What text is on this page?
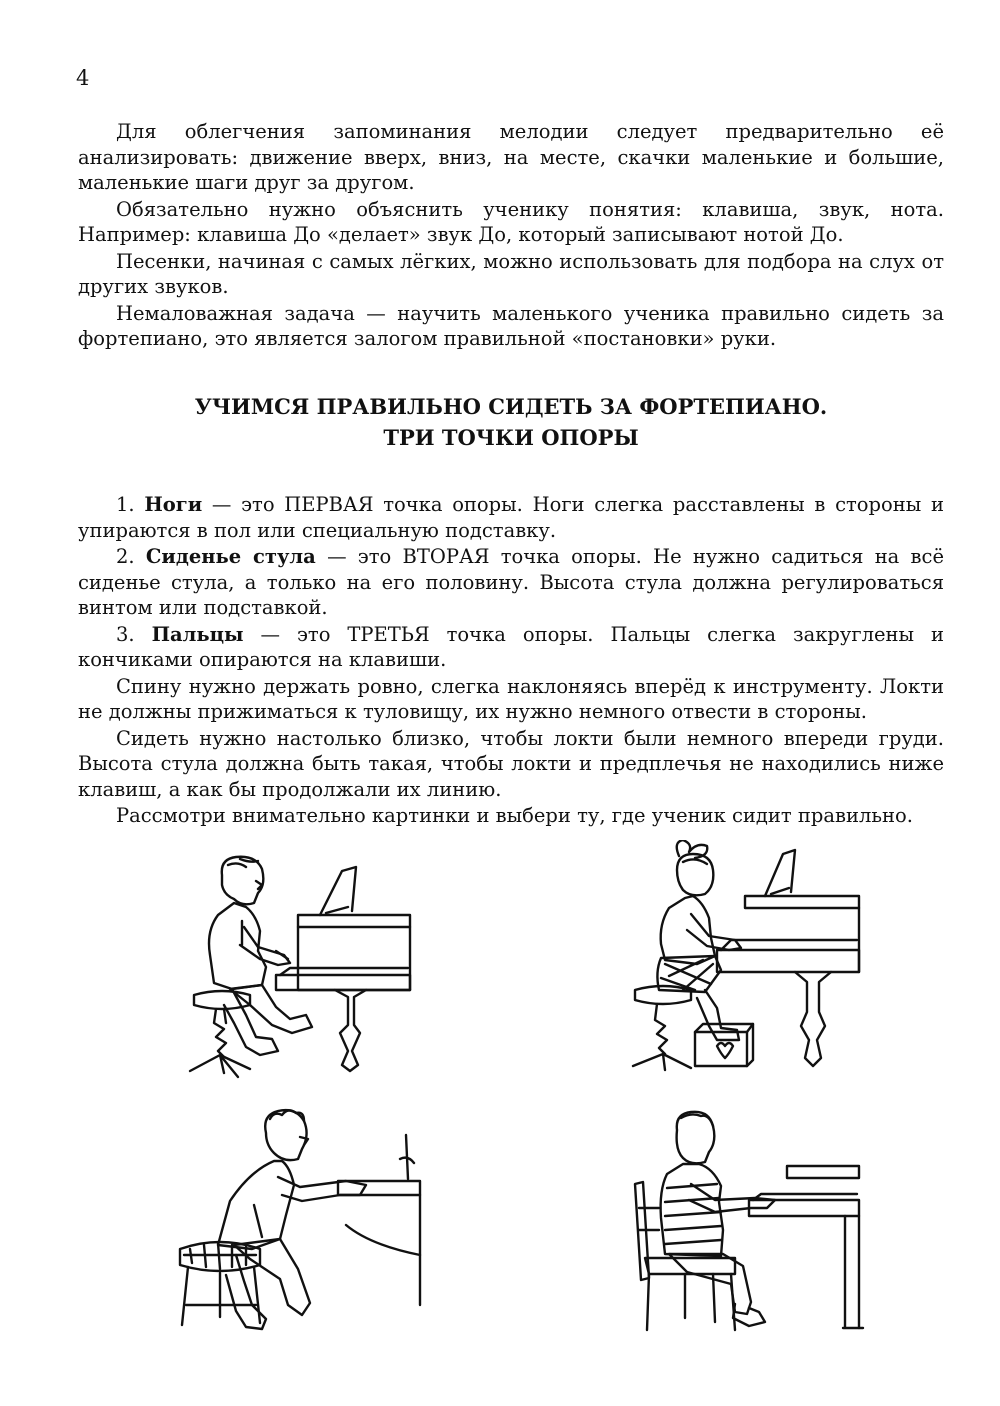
4

Для облегчения запоминания мелодии следует предварительно её анализировать: движение вверх, вниз, на месте, скачки маленькие и большие, маленькие шаги друг за другом.

Обязательно нужно объяснить ученику понятия: клавиша, звук, нота. Например: клавиша До «делает» звук До, который записывают нотой До.

Песенки, начиная с самых лёгких, можно использовать для подбора на слух от других звуков.

Немаловажная задача — научить маленького ученика правильно сидеть за фортепиано, это является залогом правильной «постановки» руки.

УЧИМСЯ ПРАВИЛЬНО СИДЕТЬ ЗА ФОРТЕПИАНО.
ТРИ ТОЧКИ ОПОРЫ

1. Ноги — это ПЕРВАЯ точка опоры. Ноги слегка расставлены в стороны и упираются в пол или специальную подставку.

2. Сиденье стула — это ВТОРАЯ точка опоры. Не нужно садиться на всё сиденье стула, а только на его половину. Высота стула должна регулироваться винтом или подставкой.

3. Пальцы — это ТРЕТЬЯ точка опоры. Пальцы слегка закруглены и кончиками опираются на клавиши.

Спину нужно держать ровно, слегка наклоняясь вперёд к инструменту. Локти не должны прижиматься к туловищу, их нужно немного отвести в стороны.

Сидеть нужно настолько близко, чтобы локти были немного впереди груди. Высота стула должна быть такая, чтобы локти и предплечья не находились ниже клавиш, а как бы продолжали их линию.

Рассмотри внимательно картинки и выбери ту, где ученик сидит правильно.
